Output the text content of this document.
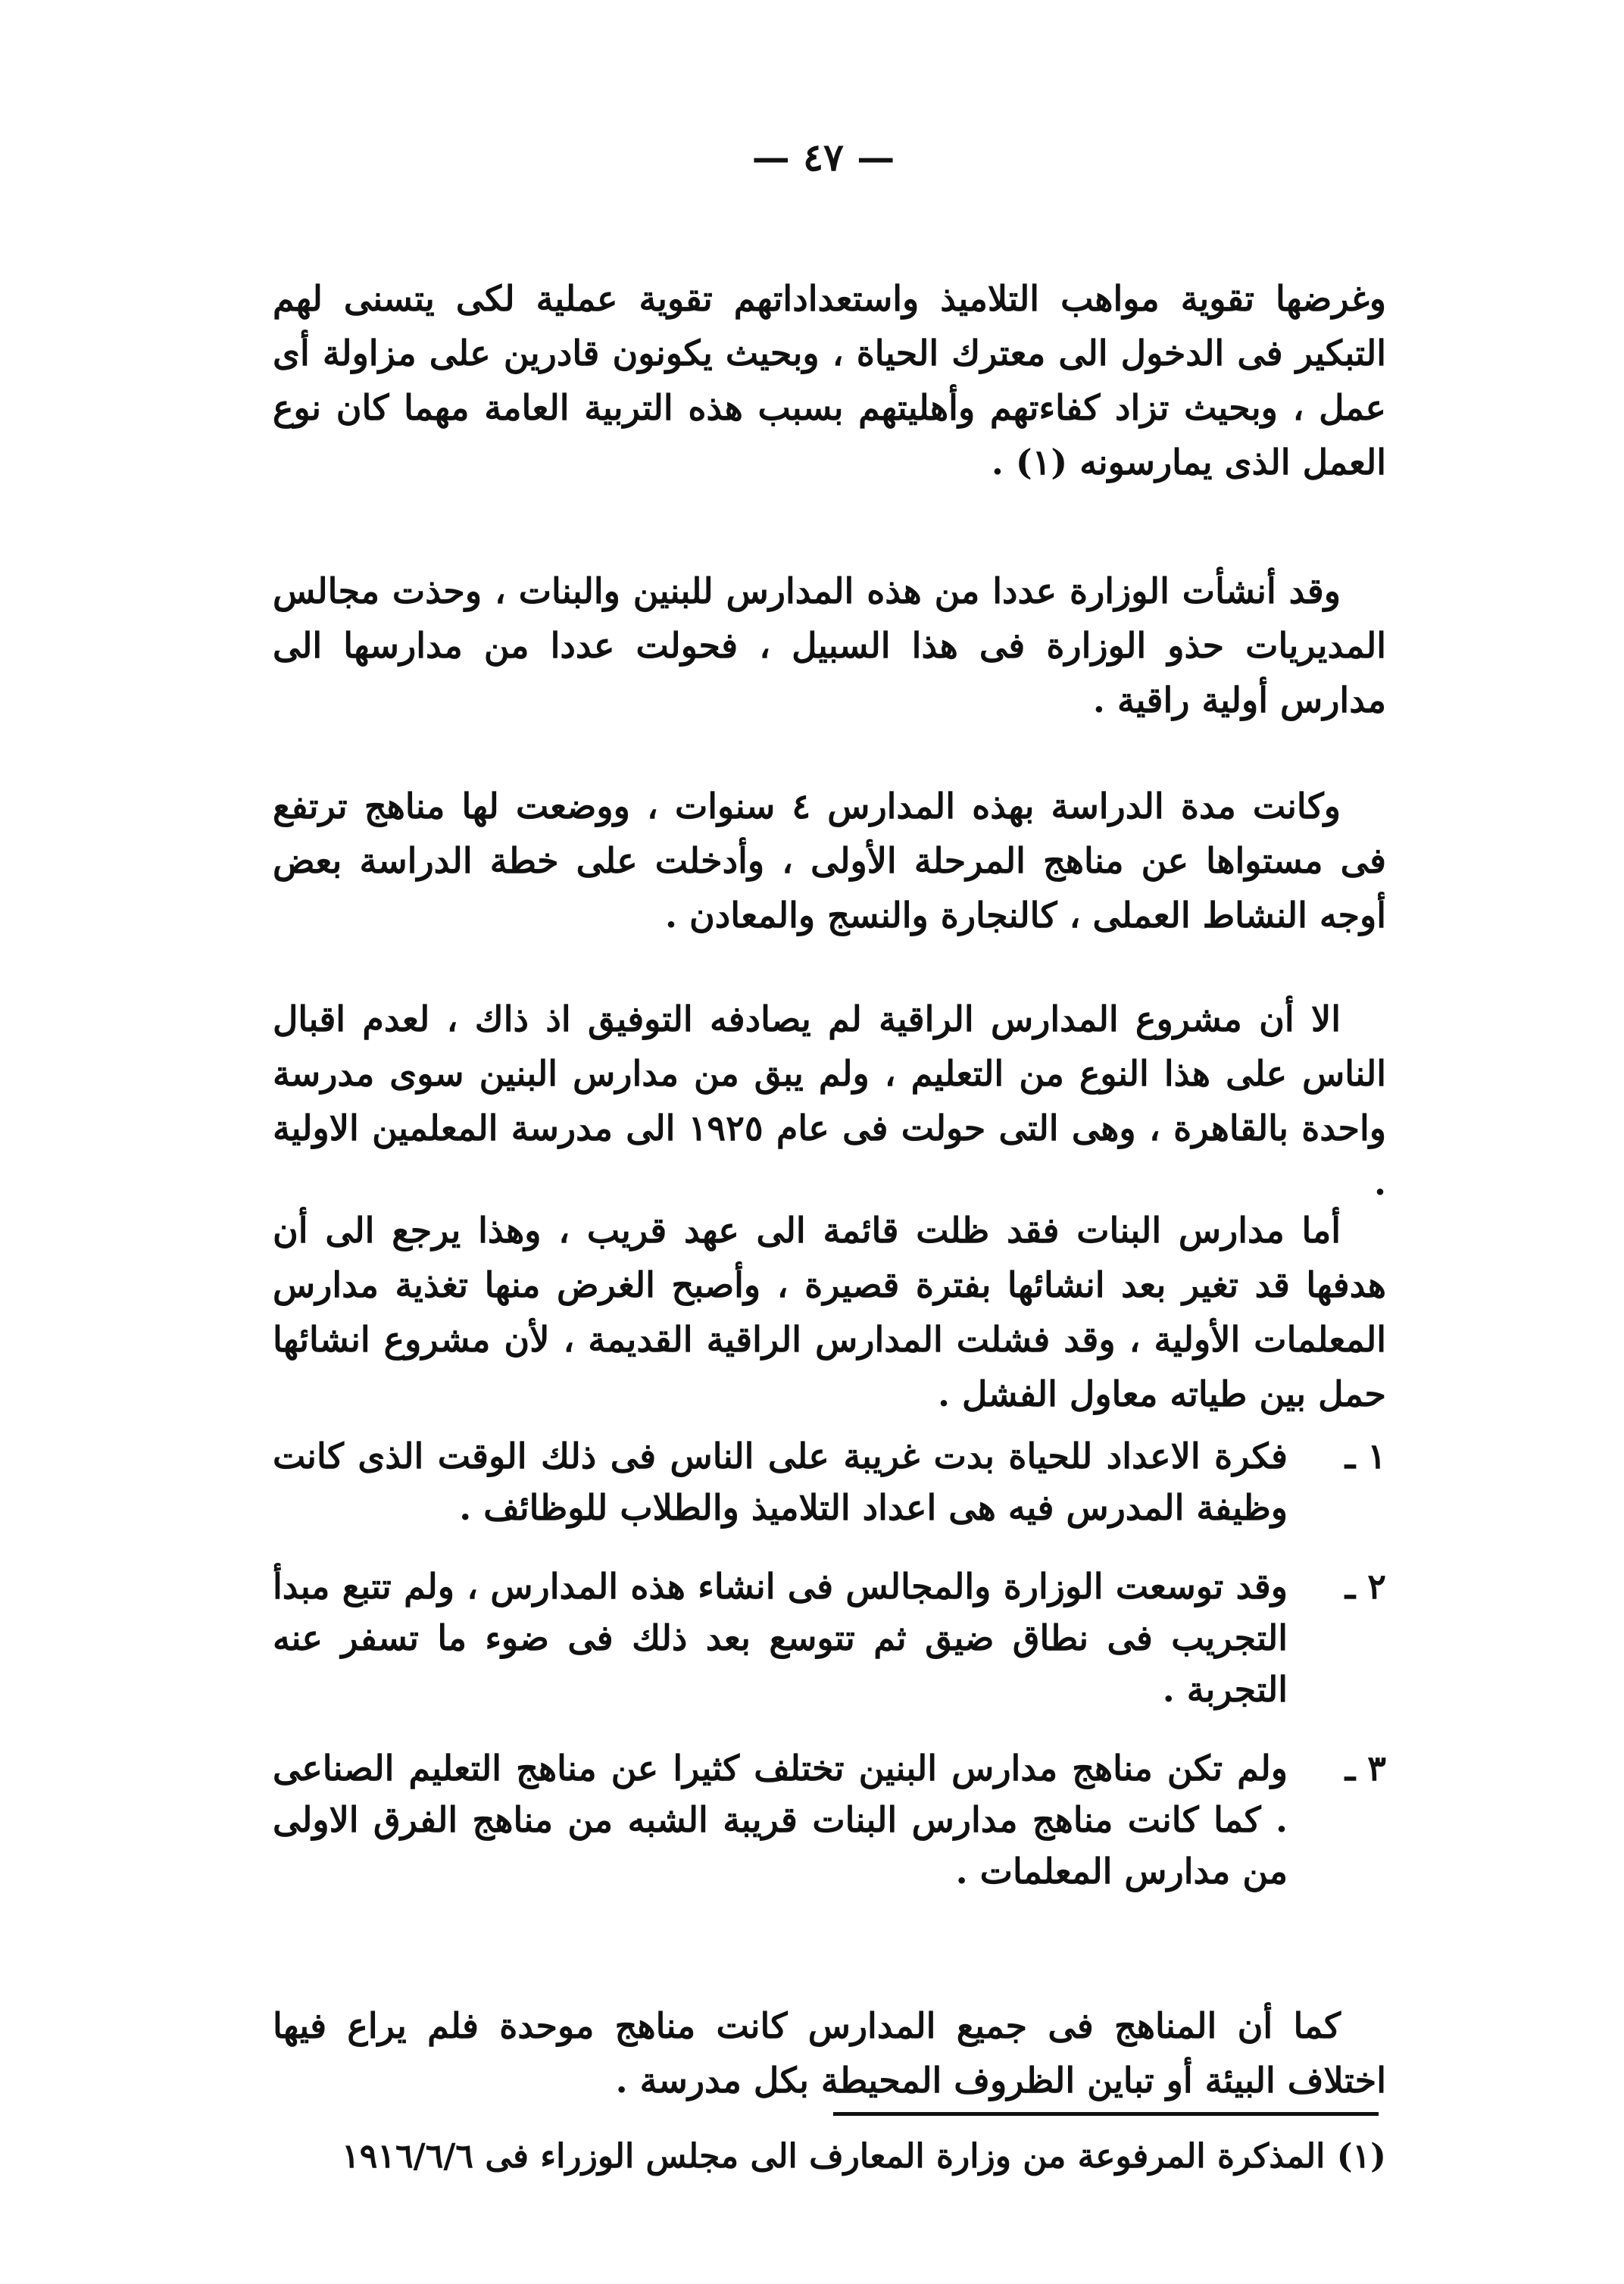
— ٤٧ —

وغرضها تقوية مواهب التلاميذ واستعداداتهم تقوية عملية لكى يتسنى لهم التبكير فى الدخول الى معترك الحياة ، وبحيث يكونون قادرين على مزاولة أى عمل ، وبحيث تزاد كفاءتهم وأهليتهم بسبب هذه التربية العامة مهما كان نوع العمل الذى يمارسونه (١) .

وقد أنشأت الوزارة عددا من هذه المدارس للبنين والبنات ، وحذت مجالس المديريات حذو الوزارة فى هذا السبيل ، فحولت عددا من مدارسها الى مدارس أولية راقية .

وكانت مدة الدراسة بهذه المدارس ٤ سنوات ، ووضعت لها مناهج ترتفع فى مستواها عن مناهج المرحلة الأولى ، وأدخلت على خطة الدراسة بعض أوجه النشاط العملى ، كالنجارة والنسج والمعادن .

الا أن مشروع المدارس الراقية لم يصادفه التوفيق اذ ذاك ، لعدم اقبال الناس على هذا النوع من التعليم ، ولم يبق من مدارس البنين سوى مدرسة واحدة بالقاهرة ، وهى التى حولت فى عام ١٩٢٥ الى مدرسة المعلمين الاولية .

أما مدارس البنات فقد ظلت قائمة الى عهد قريب ، وهذا يرجع الى أن هدفها قد تغير بعد انشائها بفترة قصيرة ، وأصبح الغرض منها تغذية مدارس المعلمات الأولية ، وقد فشلت المدارس الراقية القديمة ، لأن مشروع انشائها حمل بين طياته معاول الفشل .

١ ـ
فكرة الاعداد للحياة بدت غريبة على الناس فى ذلك الوقت الذى كانت وظيفة المدرس فيه هى اعداد التلاميذ والطلاب للوظائف .
٢ ـ
وقد توسعت الوزارة والمجالس فى انشاء هذه المدارس ، ولم تتبع مبدأ التجريب فى نطاق ضيق ثم تتوسع بعد ذلك فى ضوء ما تسفر عنه التجربة .
٣ ـ
ولم تكن مناهج مدارس البنين تختلف كثيرا عن مناهج التعليم الصناعى . كما كانت مناهج مدارس البنات قريبة الشبه من مناهج الفرق الاولى من مدارس المعلمات .

كما أن المناهج فى جميع المدارس كانت مناهج موحدة فلم يراع فيها اختلاف البيئة أو تباين الظروف المحيطة بكل مدرسة .

(١) المذكرة المرفوعة من وزارة المعارف الى مجلس الوزراء فى ١٩١٦/٦/٦
